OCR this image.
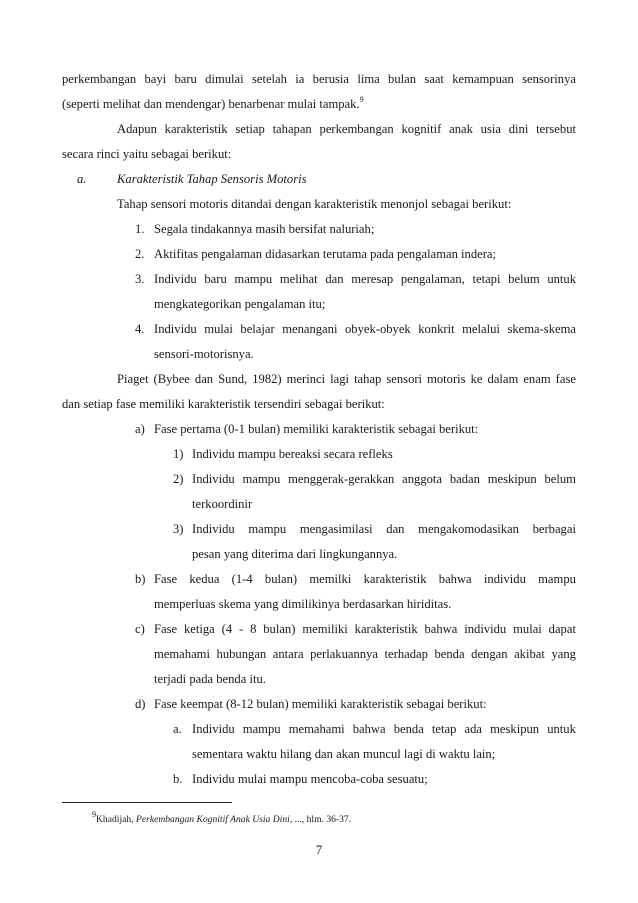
perkembangan bayi baru dimulai setelah ia berusia lima bulan saat kemampuan sensorinya
(seperti melihat dan mendengar) benarbenar mulai tampak.$^9$
Adapun karakteristik setiap tahapan perkembangan kognitif anak usia dini tersebut
secara rinci yaitu sebagai berikut:
a. Karakteristik Tahap Sensoris Motoris
Tahap sensori motoris ditandai dengan karakteristik menonjol sebagai berikut:
1. Segala tindakannya masih bersifat naluriah;
2. Aktifitas pengalaman didasarkan terutama pada pengalaman indera;
3. Individu baru mampu melihat dan meresap pengalaman, tetapi belum untuk
mengkategorikan pengalaman itu;
4. Individu mulai belajar menangani obyek-obyek konkrit melalui skema-skema
sensori-motorisnya.
Piaget (Bybee dan Sund, 1982) merinci lagi tahap sensori motoris ke dalam enam fase
dan setiap fase memiliki karakteristik tersendiri sebagai berikut:
a) Fase pertama (0-1 bulan) memiliki karakteristik sebagai berikut:
1) Individu mampu bereaksi secara refleks
2) Individu mampu menggerak-gerakkan anggota badan meskipun belum
terkoordinir
3) Individu mampu mengasimilasi dan mengakomodasikan berbagai
pesan yang diterima dari lingkungannya.
b) Fase kedua (1-4 bulan) memilki karakteristik bahwa individu mampu
memperluas skema yang dimilikinya berdasarkan hiriditas.
c) Fase ketiga (4 - 8 bulan) memiliki karakteristik bahwa individu mulai dapat
memahami hubungan antara perlakuannya terhadap benda dengan akibat yang
terjadi pada benda itu.
d) Fase keempat (8-12 bulan) memiliki karakteristik sebagai berikut:
a. Individu mampu memahami bahwa benda tetap ada meskipun untuk
sementara waktu hilang dan akan muncul lagi di waktu lain;
b. Individu mulai mampu mencoba-coba sesuatu;
$^9$Khadijah, Perkembangan Kognitif Anak Usia Dini, ..., hlm. 36-37.
7
